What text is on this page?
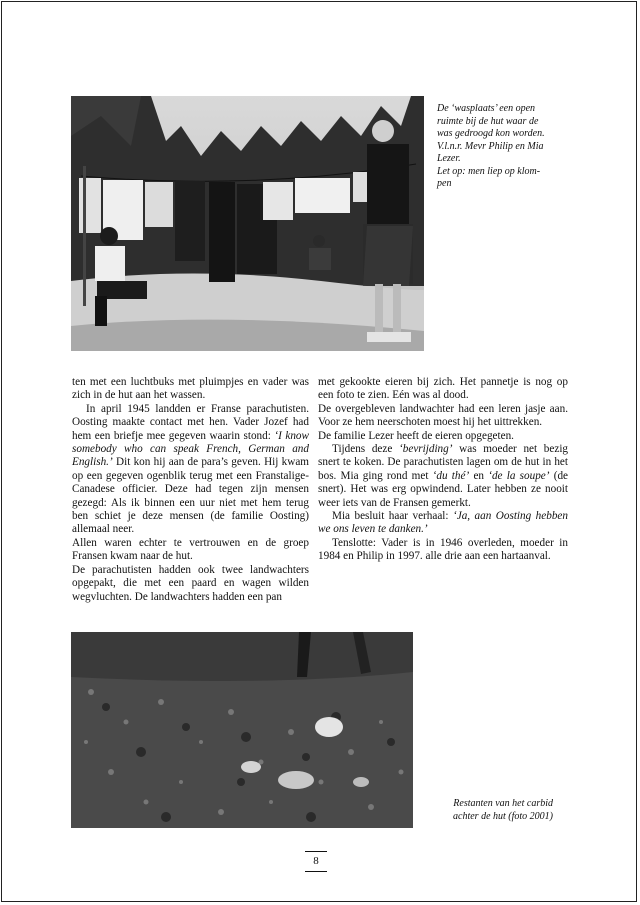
De ‘wasplaats’ een open
ruimte bij de hut waar de
was gedroogd kon worden.
V.l.n.r. Mevr Philip en Mia
Lezer.
Let op: men liep op klom-
pen

ten met een luchtbuks met pluimpjes en vader was zich in de hut aan het wassen.

In april 1945 landden er Franse parachutisten. Oosting maakte contact met hen. Vader Jozef had hem een briefje mee gegeven waarin stond: ‘I know somebody who can speak French, German and English.’ Dit kon hij aan de para’s geven. Hij kwam op een gegeven ogenblik terug met een Franstalige-Canadese officier. Deze had tegen zijn mensen gezegd: Als ik binnen een uur niet met hem terug ben schiet je deze mensen (de familie Oosting) allemaal neer.

Allen waren echter te vertrouwen en de groep Fransen kwam naar de hut.

De parachutisten hadden ook twee landwachters opgepakt, die met een paard en wagen wilden wegvluchten. De landwachters hadden een pan

met gekookte eieren bij zich. Het pannetje is nog op een foto te zien. Eén was al dood.

De overgebleven landwachter had een leren jasje aan. Voor ze hem neerschoten moest hij het uittrekken.

De familie Lezer heeft de eieren opgegeten.

Tijdens deze ‘bevrijding’ was moeder net bezig snert te koken. De parachutisten lagen om de hut in het bos. Mia ging rond met ‘du thé’ en ‘de la soupe’ (de snert). Het was erg opwindend. Later hebben ze nooit weer iets van de Fransen gemerkt.

Mia besluit haar verhaal: ‘Ja, aan Oosting hebben we ons leven te danken.’

Tenslotte: Vader is in 1946 overleden, moeder in 1984 en Philip in 1997. alle drie aan een hartaanval.

Restanten van het carbid
achter de hut (foto 2001)
8
